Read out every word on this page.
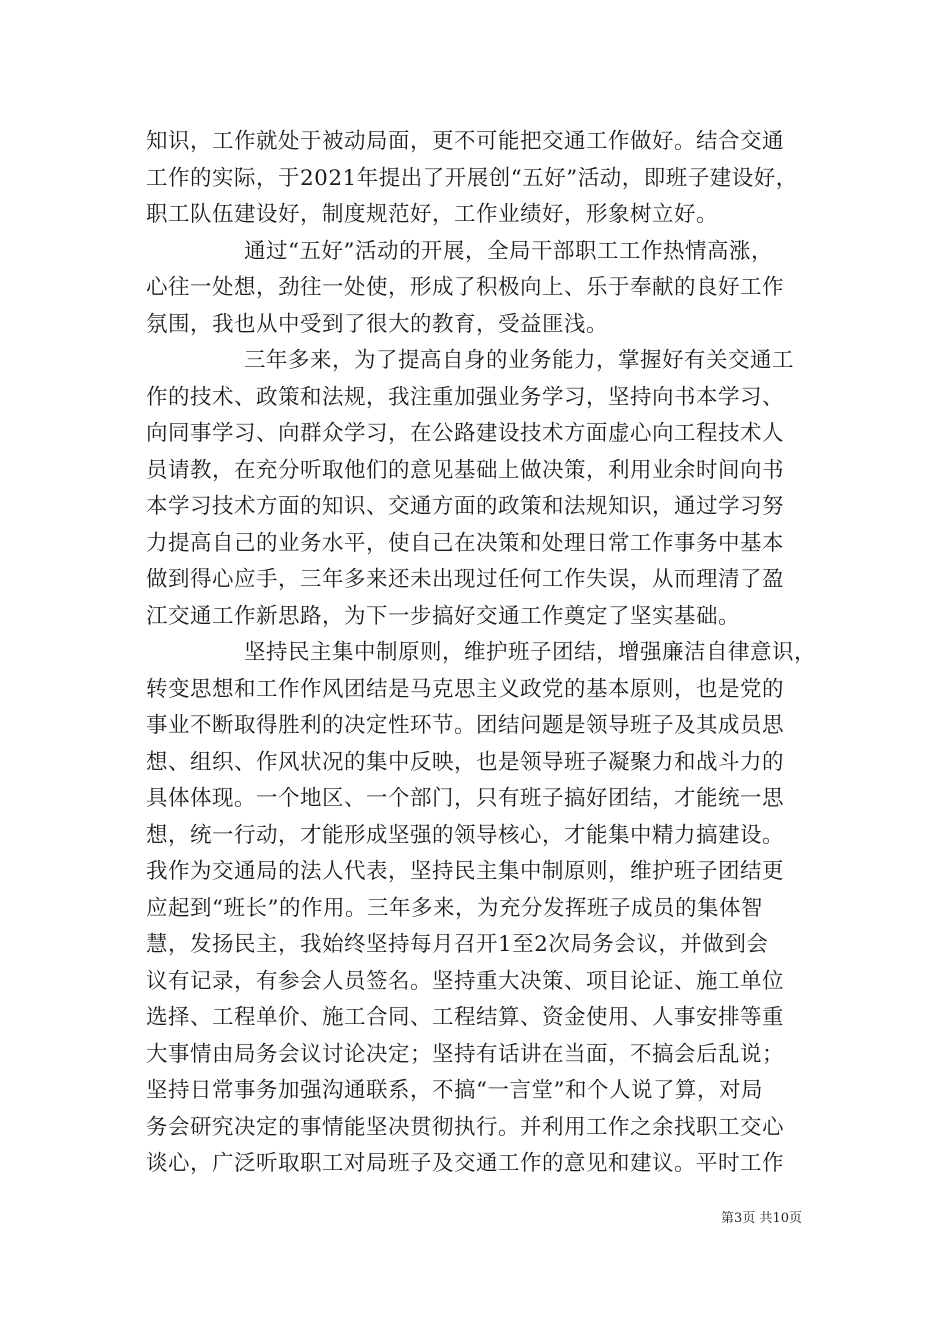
知识，工作就处于被动局面，更不可能把交通工作做好。结合交通
工作的实际，于2021年提出了开展创“五好”活动，即班子建设好，
职工队伍建设好，制度规范好，工作业绩好，形象树立好。
通过“五好”活动的开展，全局干部职工工作热情高涨，
心往一处想，劲往一处使，形成了积极向上、乐于奉献的良好工作
氛围，我也从中受到了很大的教育，受益匪浅。
三年多来，为了提高自身的业务能力，掌握好有关交通工
作的技术、政策和法规，我注重加强业务学习，坚持向书本学习、
向同事学习、向群众学习，在公路建设技术方面虚心向工程技术人
员请教，在充分听取他们的意见基础上做决策，利用业余时间向书
本学习技术方面的知识、交通方面的政策和法规知识，通过学习努
力提高自己的业务水平，使自己在决策和处理日常工作事务中基本
做到得心应手，三年多来还未出现过任何工作失误，从而理清了盈
江交通工作新思路，为下一步搞好交通工作奠定了坚实基础。
坚持民主集中制原则，维护班子团结，增强廉洁自律意识，
转变思想和工作作风团结是马克思主义政党的基本原则，也是党的
事业不断取得胜利的决定性环节。团结问题是领导班子及其成员思
想、组织、作风状况的集中反映，也是领导班子凝聚力和战斗力的
具体体现。一个地区、一个部门，只有班子搞好团结，才能统一思
想，统一行动，才能形成坚强的领导核心，才能集中精力搞建设。
我作为交通局的法人代表，坚持民主集中制原则，维护班子团结更
应起到“班长”的作用。三年多来，为充分发挥班子成员的集体智
慧，发扬民主，我始终坚持每月召开1至2次局务会议，并做到会
议有记录，有参会人员签名。坚持重大决策、项目论证、施工单位
选择、工程单价、施工合同、工程结算、资金使用、人事安排等重
大事情由局务会议讨论决定；坚持有话讲在当面，不搞会后乱说；
坚持日常事务加强沟通联系，不搞“一言堂”和个人说了算，对局
务会研究决定的事情能坚决贯彻执行。并利用工作之余找职工交心
谈心，广泛听取职工对局班子及交通工作的意见和建议。平时工作
第3页 共10页
